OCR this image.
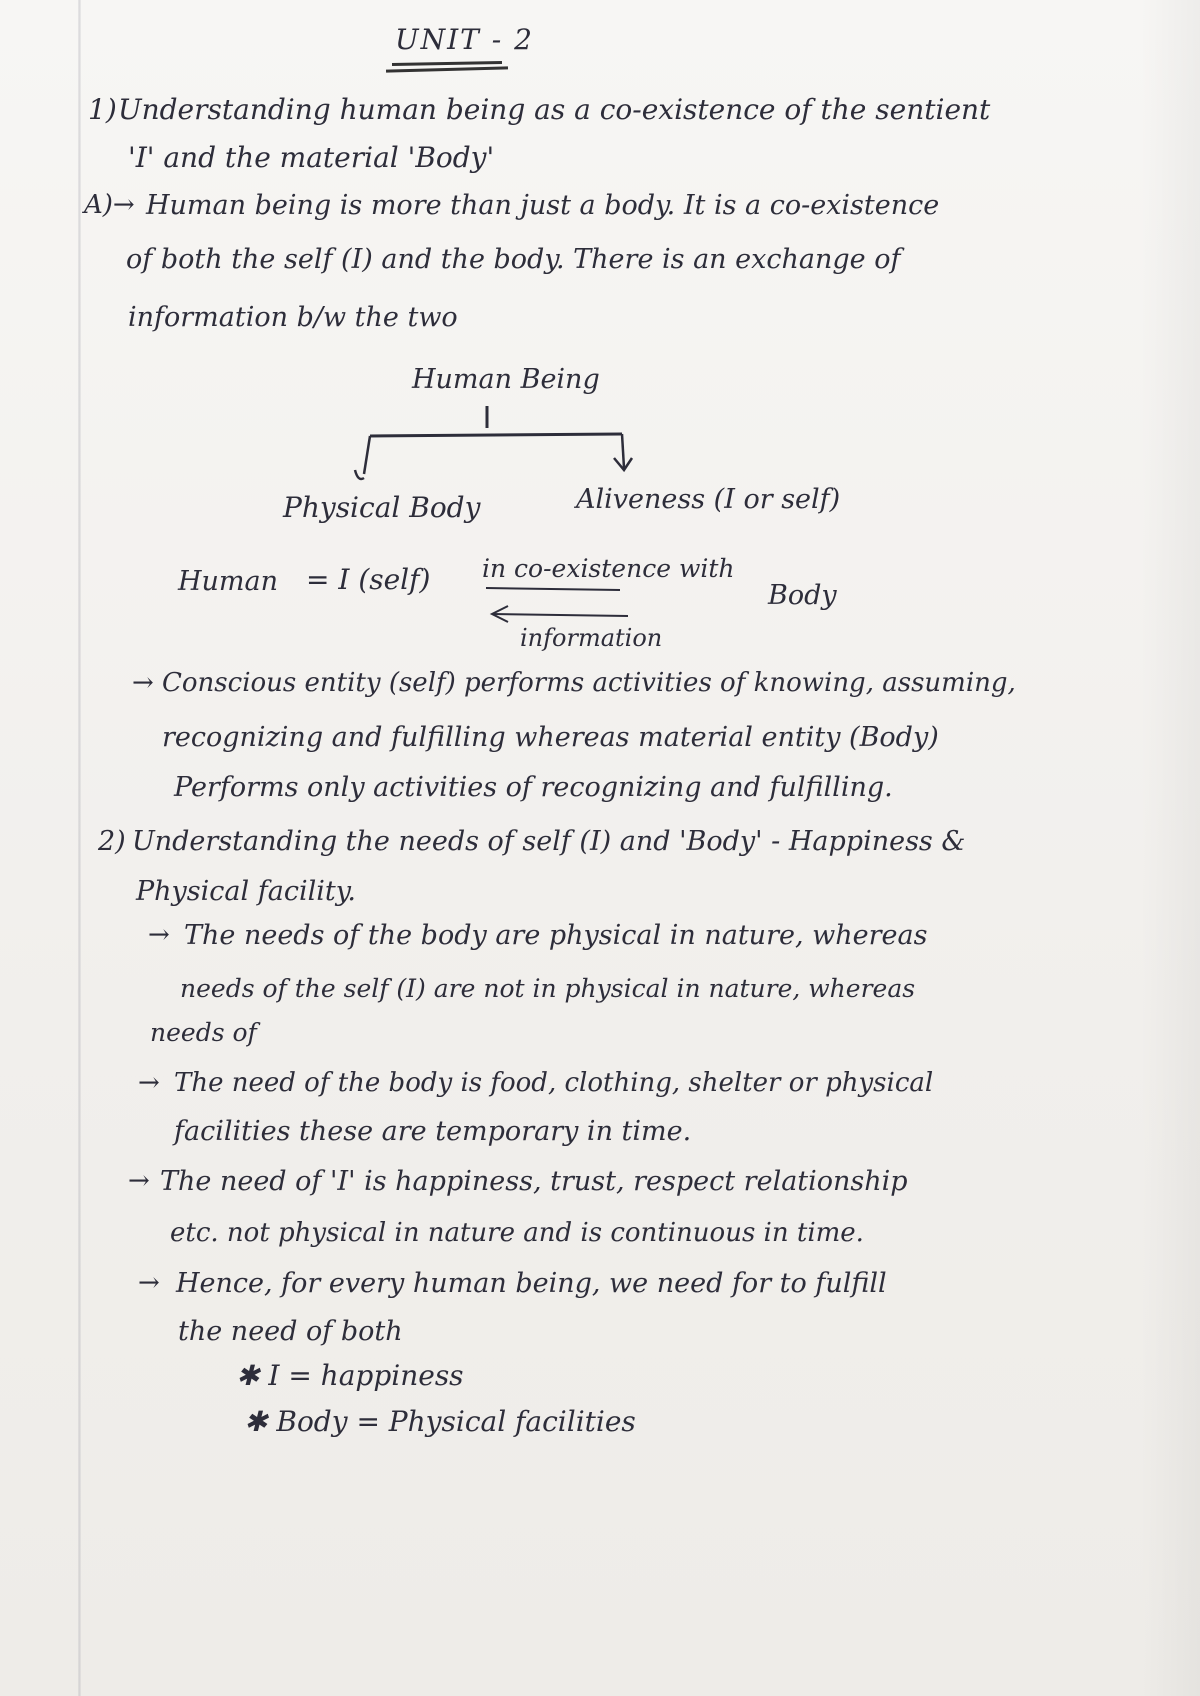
UNIT - 2
1) Understanding human being as a co-existence of the sentient
'I' and the material 'Body'
A)→ Human being is more than just a body. It is a co-existence
of both the self (I) and the body. There is an exchange of
information b/w the two
Human Being
Physical Body	Aliveness (I or self)
Human = I (self) in co-existence with
Body
information
→ Conscious entity (self) performs activities of knowing, assuming,
recognizing and fulfilling whereas material entity (Body)
Performs only activities of recognizing and fulfilling.
2) Understanding the needs of self (I) and 'Body' - Happiness &
Physical facility.
→ The needs of the body are physical in nature, whereas
needs of the self (I) are not in physical in nature, whereas
needs of
→ The need of the body is food, clothing, shelter or physical
facilities these are temporary in time.
→ The need of 'I' is happiness, trust, respect relationship
etc. not physical in nature and is continuous in time.
→ Hence, for every human being, we need for to fulfill
the need of both
✱ I = happiness
✱ Body = Physical facilities
